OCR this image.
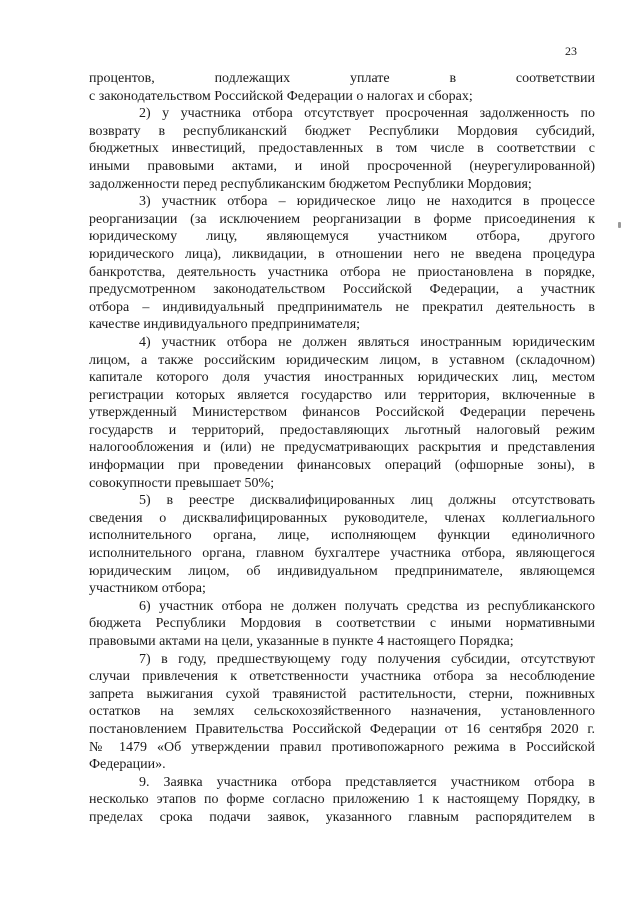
23
процентов, подлежащих уплате в соответствии
с законодательством Российской Федерации о налогах и сборах;
2) у участника отбора отсутствует просроченная задолженность по
возврату в республиканский бюджет Республики Мордовия субсидий,
бюджетных инвестиций, предоставленных в том числе в соответствии с
иными правовыми актами, и иной просроченной (неурегулированной)
задолженности перед республиканским бюджетом Республики Мордовия;
3) участник отбора – юридическое лицо не находится в процессе
реорганизации (за исключением реорганизации в форме присоединения к
юридическому лицу, являющемуся участником отбора, другого
юридического лица), ликвидации, в отношении него не введена процедура
банкротства, деятельность участника отбора не приостановлена в порядке,
предусмотренном законодательством Российской Федерации, а участник
отбора – индивидуальный предприниматель не прекратил деятельность в
качестве индивидуального предпринимателя;
4) участник отбора не должен являться иностранным юридическим
лицом, а также российским юридическим лицом, в уставном (складочном)
капитале которого доля участия иностранных юридических лиц, местом
регистрации которых является государство или территория, включенные в
утвержденный Министерством финансов Российской Федерации перечень
государств и территорий, предоставляющих льготный налоговый режим
налогообложения и (или) не предусматривающих раскрытия и представления
информации при проведении финансовых операций (офшорные зоны), в
совокупности превышает 50%;
5) в реестре дисквалифицированных лиц должны отсутствовать
сведения о дисквалифицированных руководителе, членах коллегиального
исполнительного органа, лице, исполняющем функции единоличного
исполнительного органа, главном бухгалтере участника отбора, являющегося
юридическим лицом, об индивидуальном предпринимателе, являющемся
участником отбора;
6) участник отбора не должен получать средства из республиканского
бюджета Республики Мордовия в соответствии с иными нормативными
правовыми актами на цели, указанные в пункте 4 настоящего Порядка;
7) в году, предшествующему году получения субсидии, отсутствуют
случаи привлечения к ответственности участника отбора за несоблюдение
запрета выжигания сухой травянистой растительности, стерни, пожнивных
остатков на землях сельскохозяйственного назначения, установленного
постановлением Правительства Российской Федерации от 16 сентября 2020 г.
№ 1479 «Об утверждении правил противопожарного режима в Российской
Федерации».
9. Заявка участника отбора представляется участником отбора в
несколько этапов по форме согласно приложению 1 к настоящему Порядку, в
пределах срока подачи заявок, указанного главным распорядителем в
